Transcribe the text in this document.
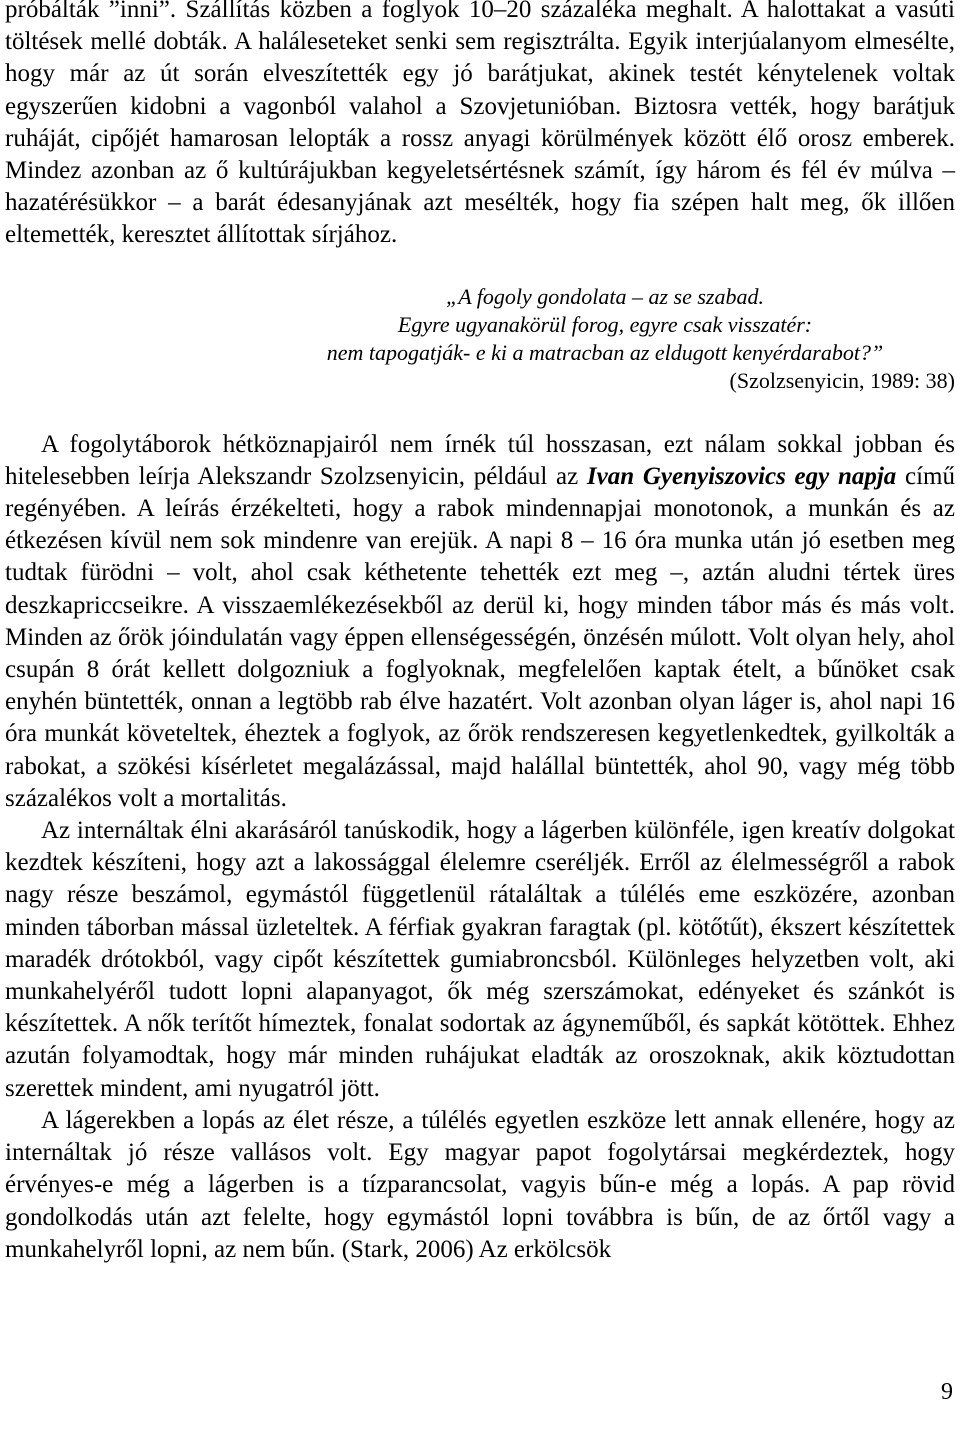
próbálták ”inni”. Szállítás közben a foglyok 10–20 százaléka meghalt. A halottakat a vasúti töltések mellé dobták. A haláleseteket senki sem regisztrálta. Egyik interjúalanyom elmesélte, hogy már az út során elveszítették egy jó barátjukat, akinek testét kénytelenek voltak egyszerűen kidobni a vagonból valahol a Szovjetunióban. Biztosra vették, hogy barátjuk ruháját, cipőjét hamarosan lelopták a rossz anyagi körülmények között élő orosz emberek. Mindez azonban az ő kultúrájukban kegyeletsértésnek számít, így három és fél év múlva – hazatérésükkor – a barát édesanyjának azt mesélték, hogy fia szépen halt meg, ők illően eltemették, keresztet állítottak sírjához.

„A fogoly gondolata – az se szabad.
Egyre ugyanakörül forog, egyre csak visszatér:
nem tapogatják- e ki a matracban az eldugott kenyérdarabot?”
(Szolzsenyicin, 1989: 38)

A fogolytáborok hétköznapjairól nem írnék túl hosszasan, ezt nálam sokkal jobban és hitelesebben leírja Alekszandr Szolzsenyicin, például az Ivan Gyenyiszovics egy napja című regényében. A leírás érzékelteti, hogy a rabok mindennapjai monotonok, a munkán és az étkezésen kívül nem sok mindenre van erejük. A napi 8 – 16 óra munka után jó esetben meg tudtak fürödni – volt, ahol csak kéthetente tehették ezt meg –, aztán aludni tértek üres deszkapriccseikre. A visszaemlékezésekből az derül ki, hogy minden tábor más és más volt. Minden az őrök jóindulatán vagy éppen ellenségességén, önzésén múlott. Volt olyan hely, ahol csupán 8 órát kellett dolgozniuk a foglyoknak, megfelelően kaptak ételt, a bűnöket csak enyhén büntették, onnan a legtöbb rab élve hazatért. Volt azonban olyan láger is, ahol napi 16 óra munkát követeltek, éheztek a foglyok, az őrök rendszeresen kegyetlenkedtek, gyilkolták a rabokat, a szökési kísérletet megalázással, majd halállal büntették, ahol 90, vagy még több százalékos volt a mortalitás.

Az internáltak élni akarásáról tanúskodik, hogy a lágerben különféle, igen kreatív dolgokat kezdtek készíteni, hogy azt a lakossággal élelemre cseréljék. Erről az élelmességről a rabok nagy része beszámol, egymástól függetlenül rátaláltak a túlélés eme eszközére, azonban minden táborban mással üzleteltek. A férfiak gyakran faragtak (pl. kötőtűt), ékszert készítettek maradék drótokból, vagy cipőt készítettek gumiabroncsból. Különleges helyzetben volt, aki munkahelyéről tudott lopni alapanyagot, ők még szerszámokat, edényeket és szánkót is készítettek. A nők terítőt hímeztek, fonalat sodortak az ágyneműből, és sapkát kötöttek. Ehhez azután folyamodtak, hogy már minden ruhájukat eladták az oroszoknak, akik köztudottan szerettek mindent, ami nyugatról jött.

A lágerekben a lopás az élet része, a túlélés egyetlen eszköze lett annak ellenére, hogy az internáltak jó része vallásos volt. Egy magyar papot fogolytársai megkérdeztek, hogy érvényes-e még a lágerben is a tízparancsolat, vagyis bűn-e még a lopás. A pap rövid gondolkodás után azt felelte, hogy egymástól lopni továbbra is bűn, de az őrtől vagy a munkahelyről lopni, az nem bűn. (Stark, 2006) Az erkölcsök

9
